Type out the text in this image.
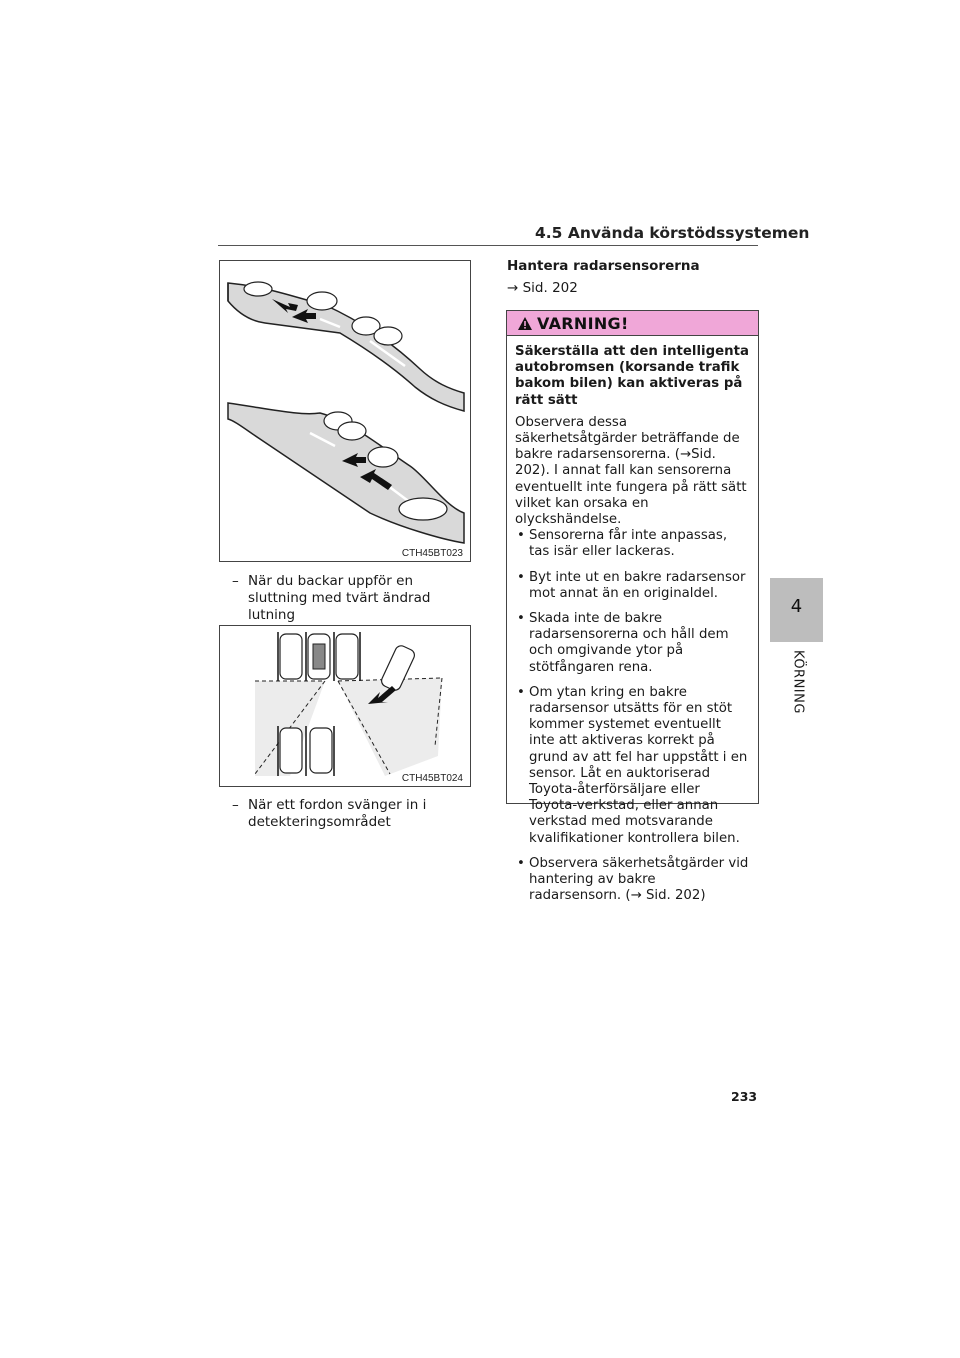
4.5 Använda körstödssystemen
CTH45BT023
– När du backar uppför en sluttning med tvärt ändrad lutning
CTH45BT024
– När ett fordon svänger in i detekteringsområdet
Hantera radarsensorerna
→ Sid. 202
VARNING!
Säkerställa att den intelligenta autobromsen (korsande trafik bakom bilen) kan aktiveras på rätt sätt

Observera dessa säkerhetsåtgärder beträffande de bakre radarsensorerna. (→Sid. 202). I annat fall kan sensorerna eventuellt inte fungera på rätt sätt vilket kan orsaka en olyckshändelse.

• Sensorerna får inte anpassas, tas isär eller lackeras.
• Byt inte ut en bakre radarsensor mot annat än en originaldel.
• Skada inte de bakre radarsensorerna och håll dem och omgivande ytor på stötfångaren rena.
• Om ytan kring en bakre radarsensor utsätts för en stöt kommer systemet eventuellt inte att aktiveras korrekt på grund av att fel har uppstått i en sensor. Låt en auktoriserad Toyota-återförsäljare eller Toyota-verkstad, eller annan verkstad med motsvarande kvalifikationer kontrollera bilen.
• Observera säkerhetsåtgärder vid hantering av bakre radarsensorn. (→ Sid. 202)
4
KÖRNING
233
